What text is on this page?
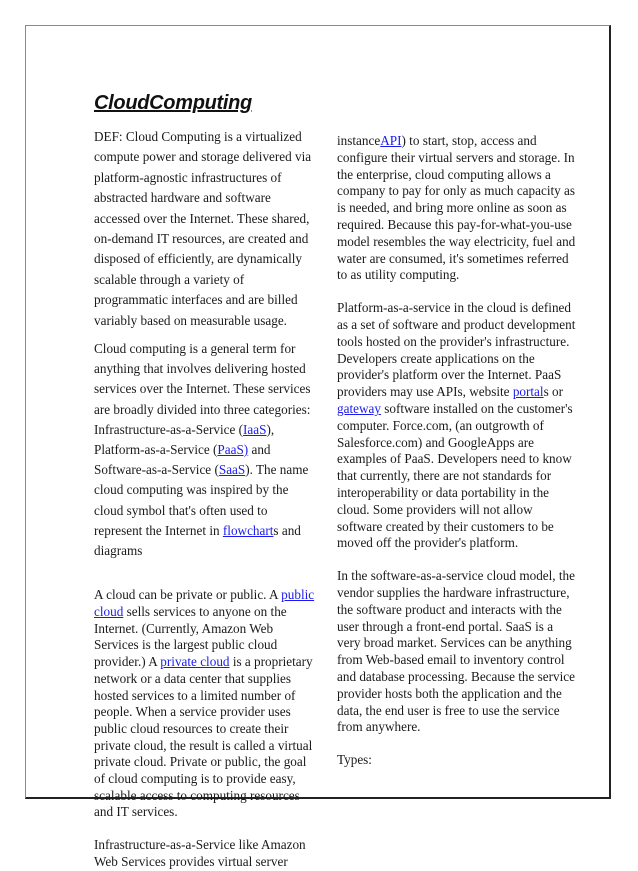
CloudComputing

DEF: Cloud Computing is a virtualized compute power and storage delivered via platform-agnostic infrastructures of abstracted hardware and software accessed over the Internet. These shared, on-demand IT resources, are created and disposed of efficiently, are dynamically scalable through a variety of programmatic interfaces and are billed variably based on measurable usage.

Cloud computing is a general term for anything that involves delivering hosted services over the Internet. These services are broadly divided into three categories: Infrastructure-as-a-Service (IaaS), Platform-as-a-Service (PaaS) and Software-as-a-Service (SaaS). The name cloud computing was inspired by the cloud symbol that's often used to represent the Internet in flowcharts and diagrams

A cloud can be private or public. A public cloud sells services to anyone on the Internet. (Currently, Amazon Web Services is the largest public cloud provider.) A private cloud is a proprietary network or a data center that supplies hosted services to a limited number of people. When a service provider uses public cloud resources to create their private cloud, the result is called a virtual private cloud. Private or public, the goal of cloud computing is to provide easy, scalable access to computing resources and IT services.

Infrastructure-as-a-Service like Amazon Web Services provides virtual server

instanceAPI) to start, stop, access and configure their virtual servers and storage. In the enterprise, cloud computing allows a company to pay for only as much capacity as is needed, and bring more online as soon as required. Because this pay-for-what-you-use model resembles the way electricity, fuel and water are consumed, it's sometimes referred to as utility computing.

Platform-as-a-service in the cloud is defined as a set of software and product development tools hosted on the provider's infrastructure. Developers create applications on the provider's platform over the Internet. PaaS providers may use APIs, website portals or gateway software installed on the customer's computer. Force.com, (an outgrowth of Salesforce.com) and GoogleApps are examples of PaaS. Developers need to know that currently, there are not standards for interoperability or data portability in the cloud. Some providers will not allow software created by their customers to be moved off the provider's platform.

In the software-as-a-service cloud model, the vendor supplies the hardware infrastructure, the software product and interacts with the user through a front-end portal. SaaS is a very broad market. Services can be anything from Web-based email to inventory control and database processing. Because the service provider hosts both the application and the data, the end user is free to use the service from anywhere.

Types:
